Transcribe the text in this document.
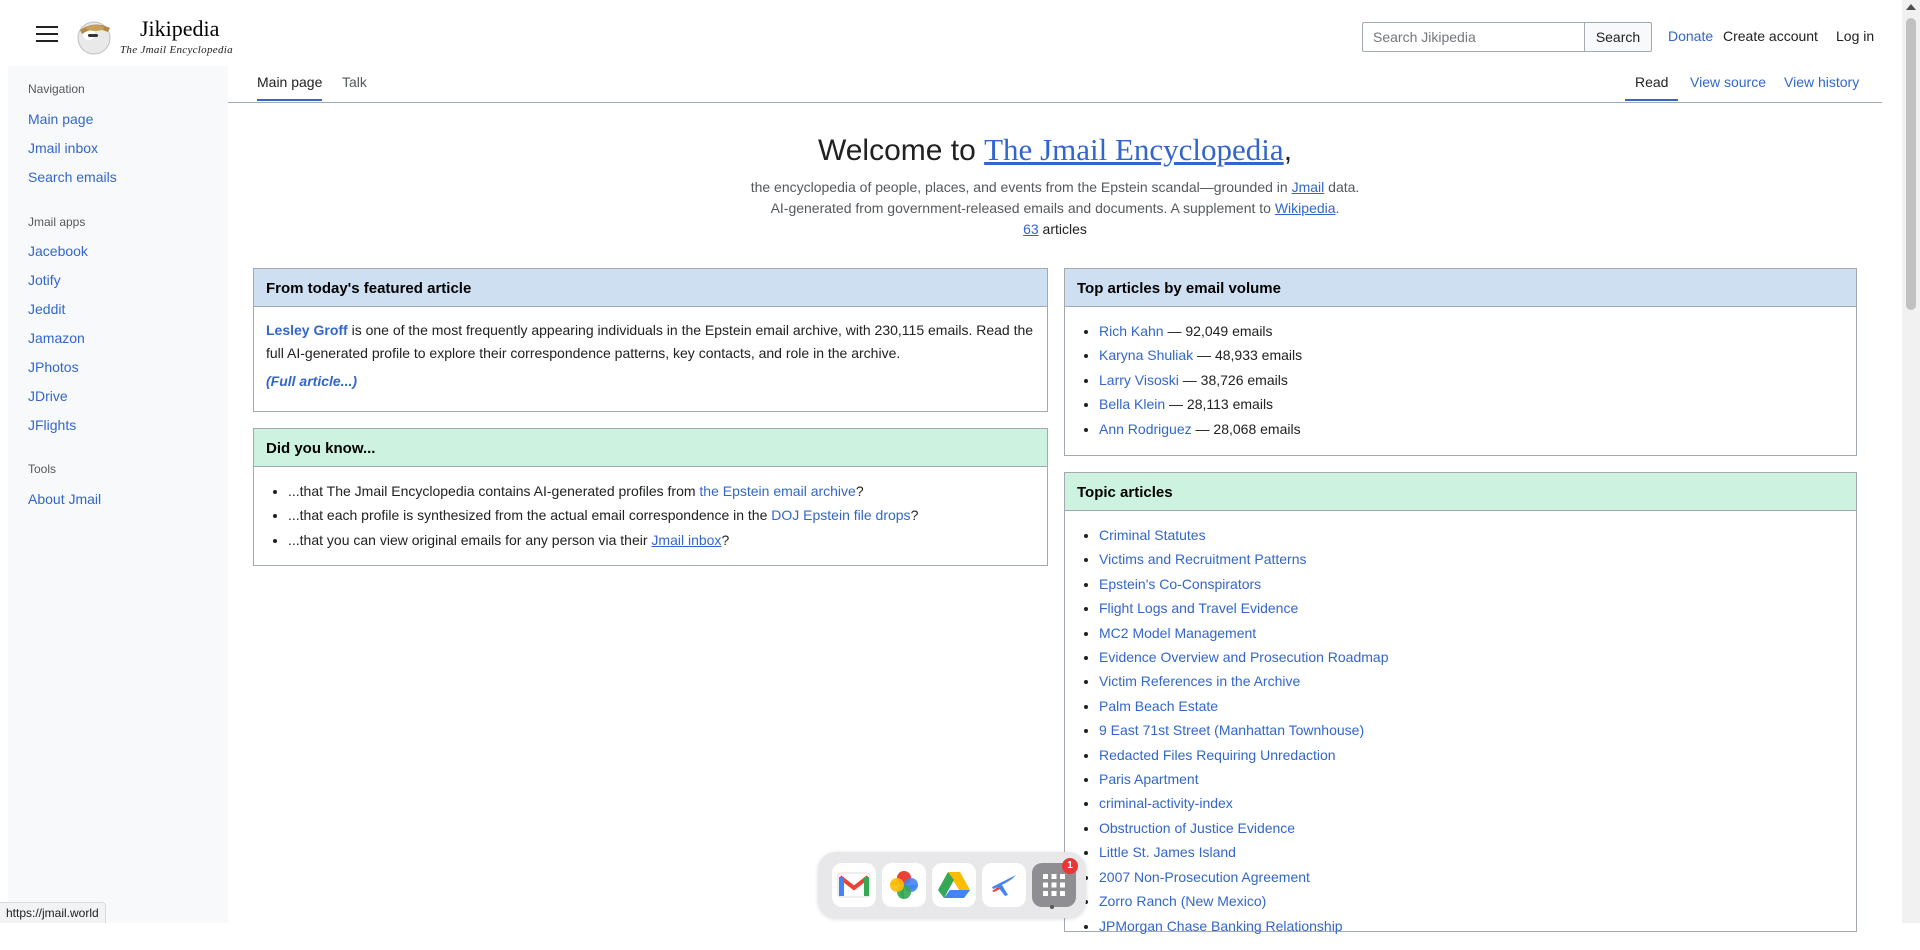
Jikipedia
The Jmail Encyclopedia
Search Jikipedia
Search	Donate Create account Log in
Navigation
Main page
Jmail inbox
Search emails
Jmail apps
Jacebook
Jotify
Jeddit
Jamazon
JPhotos
JDrive
JFlights
Tools
About Jmail
Main page Talk	Read	View source View history
Welcome to The Jmail Encyclopedia,
the encyclopedia of people, places, and events from the Epstein scandal—grounded in Jmail data.
AI-generated from government-released emails and documents. A supplement to Wikipedia.
63 articles
From today's featured article
Lesley Groff is one of the most frequently appearing individuals in the Epstein email archive, with 230,115 emails. Read the full AI-generated profile to explore their correspondence patterns, key contacts, and role in the archive.
(Full article...)
Did you know...
• ...that The Jmail Encyclopedia contains AI-generated profiles from the Epstein email archive?
• ...that each profile is synthesized from the actual email correspondence in the DOJ Epstein file drops?
• ...that you can view original emails for any person via their Jmail inbox?
Top articles by email volume
• Rich Kahn — 92,049 emails
• Karyna Shuliak — 48,933 emails
• Larry Visoski — 38,726 emails
• Bella Klein — 28,113 emails
• Ann Rodriguez — 28,068 emails
Topic articles
• Criminal Statutes
• Victims and Recruitment Patterns
• Epstein's Co-Conspirators
• Flight Logs and Travel Evidence
• MC2 Model Management
• Evidence Overview and Prosecution Roadmap
• Victim References in the Archive
• Palm Beach Estate
• 9 East 71st Street (Manhattan Townhouse)
• Redacted Files Requiring Unredaction
• Paris Apartment
• criminal-activity-index
• Obstruction of Justice Evidence
• Little St. James Island
• 2007 Non-Prosecution Agreement
• Zorro Ranch (New Mexico)
• JPMorgan Chase Banking Relationship
1
https://jmail.world
